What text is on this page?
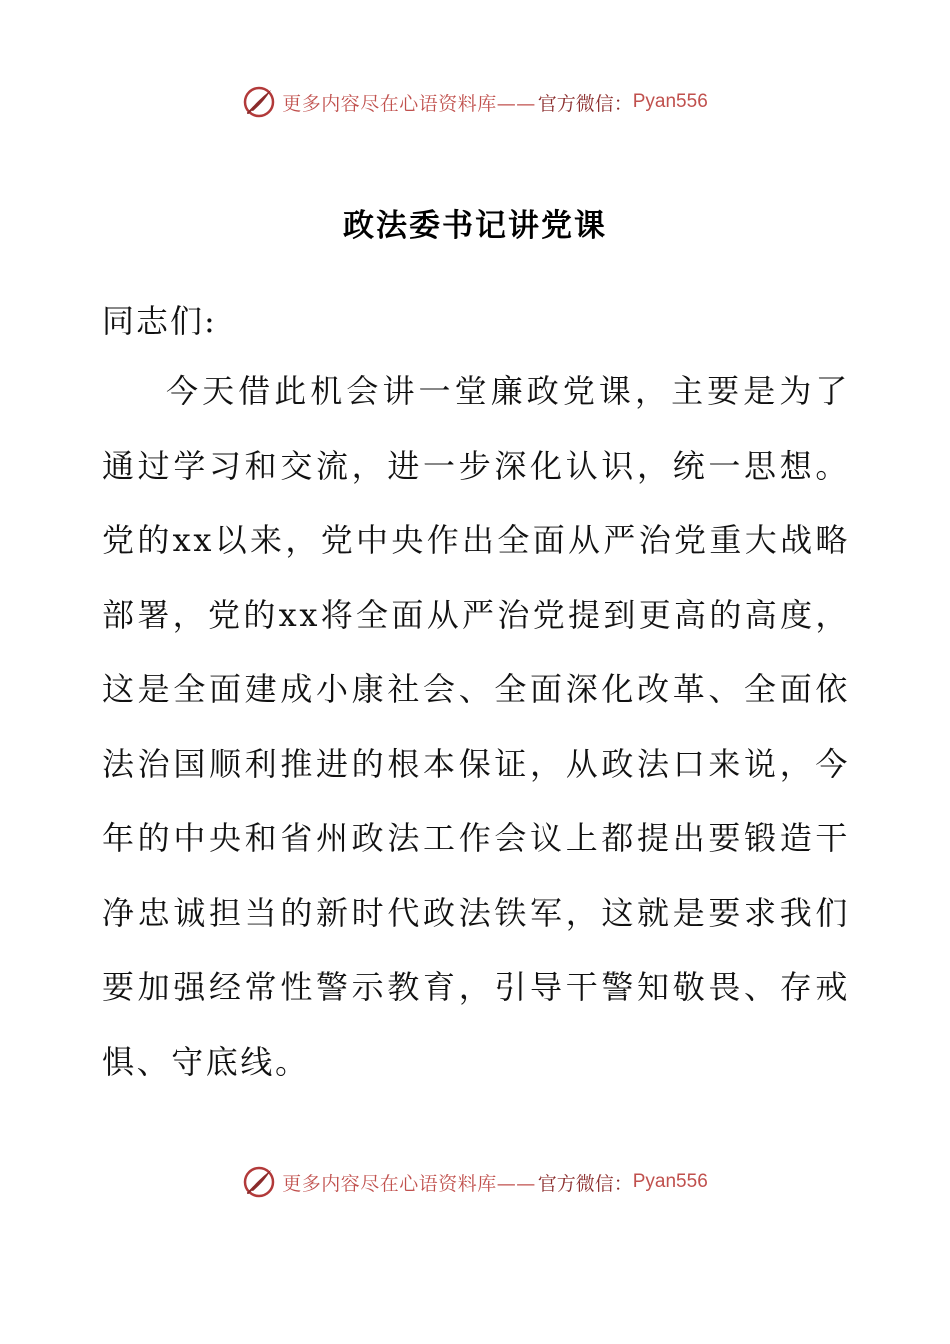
更多内容尽在心语资料库—— 官方微信： Pyan556
政法委书记讲党课
同志们:

今天借此机会讲一堂廉政党课，主要是为了通过学习和交流，进一步深化认识，统一思想。党的xx以来，党中央作出全面从严治党重大战略部署，党的xx将全面从严治党提到更高的高度，这是全面建成小康社会、全面深化改革、全面依法治国顺利推进的根本保证，从政法口来说，今年的中央和省州政法工作会议上都提出要锻造干净忠诚担当的新时代政法铁军，这就是要求我们要加强经常性警示教育，引导干警知敬畏、存戒惧、守底线。

更多内容尽在心语资料库—— 官方微信： Pyan556
